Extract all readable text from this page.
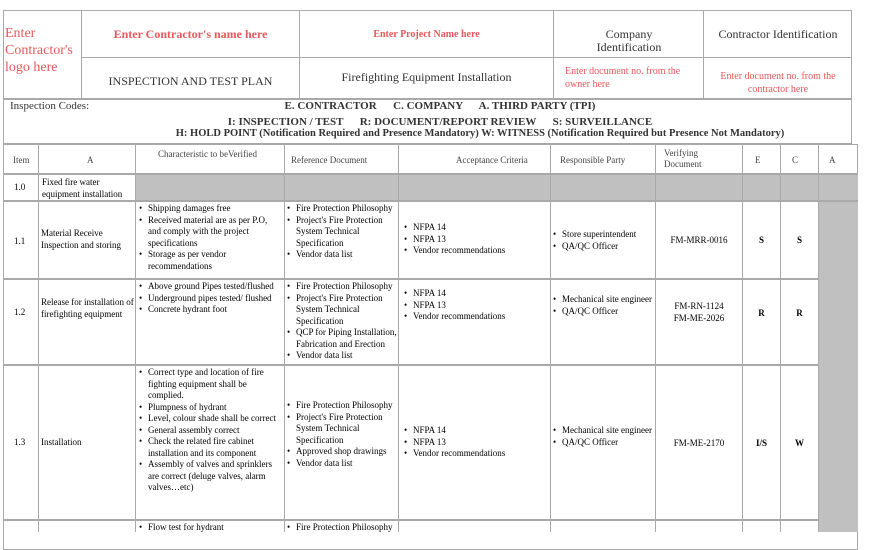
Enter Contractor's logo here
Enter Contractor's name here	Enter Project Name here	Company Identification
Contractor Identification
INSPECTION AND TEST PLAN	Firefighting Equipment Installation	Enter document no. from the owner here
Enter document no. from the contractor here
Inspection Codes:	E. CONTRACTOR      C. COMPANY      A. THIRD PARTY (TPI)
I: INSPECTION / TEST      R: DOCUMENT/REPORT REVIEW      S: SURVEILLANCE
H: HOLD POINT (Notification Required and Presence Mandatory) W: WITNESS (Notification Required but Presence Not Mandatory)
Item	A
Characteristic to beVerified
Reference Document	Acceptance Criteria	Responsible Party
Verifying Document	E	C	A
1.0 Fixed fire water equipment installation
1.1
Material Receive Inspection and storing
• Shipping damages free
• Received material are as per P.O, and comply with the project specifications
• Storage as per vendor recommendations
• Fire Protection Philosophy
• Project's Fire Protection System Technical Specification
• Vendor data list
• NFPA 14
• NFPA 13
• Vendor recommendations
• Store superintendent
• QA/QC Officer
FM-MRR-0016	S	S
1.2
Release for installation of firefighting equipment
• Above ground Pipes tested/flushed
• Underground pipes tested/ flushed
• Concrete hydrant foot
• Fire Protection Philosophy
• Project's Fire Protection System Technical Specification
• QCP for Piping Installation, Fabrication and Erection
• Vendor data list
• NFPA 14
• NFPA 13
• Vendor recommendations
• Mechanical site engineer
• QA/QC Officer	FM-RN-1124
FM-ME-2026	R	R
1.3 Installation
• Correct type and location of fire fighting equipment shall be complied.
• Plumpness of hydrant
• Level, colour shade shall be correct
• General assembly correct
• Check the related fire cabinet installation and its component
• Assembly of valves and sprinklers are correct (deluge valves, alarm valves…etc)
• Fire Protection Philosophy
• Project's Fire Protection System Technical Specification
• Approved shop drawings
• Vendor data list
• NFPA 14
• NFPA 13
• Vendor recommendations
• Mechanical site engineer
• QA/QC Officer	FM-ME-2170	I/S	W
• Flow test for hydrant
•	Fire Protection Philosophy
